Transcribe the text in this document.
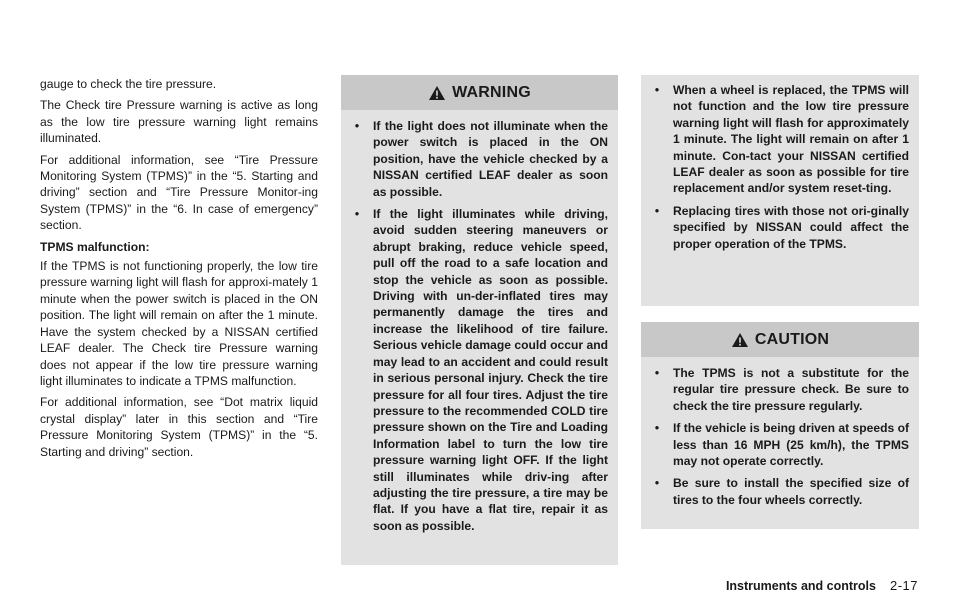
gauge to check the tire pressure.

The Check tire Pressure warning is active as long as the low tire pressure warning light remains illuminated.

For additional information, see “Tire Pressure Monitoring System (TPMS)” in the “5. Starting and driving” section and “Tire Pressure Monitor-ing System (TPMS)” in the “6. In case of emergency” section.

TPMS malfunction:

If the TPMS is not functioning properly, the low tire pressure warning light will flash for approxi-mately 1 minute when the power switch is placed in the ON position. The light will remain on after the 1 minute. Have the system checked by a NISSAN certified LEAF dealer. The Check tire Pressure warning does not appear if the low tire pressure warning light illuminates to indicate a TPMS malfunction.

For additional information, see “Dot matrix liquid crystal display” later in this section and “Tire Pressure Monitoring System (TPMS)” in the “5. Starting and driving” section.

WARNING
•	If the light does not illuminate when the power switch is placed in the ON position, have the vehicle checked by a NISSAN certified LEAF dealer as soon as possible.
•	If the light illuminates while driving, avoid sudden steering maneuvers or abrupt braking, reduce vehicle speed, pull off the road to a safe location and stop the vehicle as soon as possible. Driving with un-der-inflated tires may permanently damage the tires and increase the likelihood of tire failure. Serious vehicle damage could occur and may lead to an accident and could result in serious personal injury. Check the tire pressure for all four tires. Adjust the tire pressure to the recommended COLD tire pressure shown on the Tire and Loading Information label to turn the low tire pressure warning light OFF. If the light still illuminates while driv-ing after adjusting the tire pressure, a tire may be flat. If you have a flat tire, repair it as soon as possible.
•	When a wheel is replaced, the TPMS will not function and the low tire pressure warning light will flash for approximately 1 minute. The light will remain on after 1 minute. Con-tact your NISSAN certified LEAF dealer as soon as possible for tire replacement and/or system reset-ting.
•	Replacing tires with those not ori-ginally specified by NISSAN could affect the proper operation of the TPMS.
CAUTION
•	The TPMS is not a substitute for the regular tire pressure check. Be sure to check the tire pressure regularly.
•	If the vehicle is being driven at speeds of less than 16 MPH (25 km/h), the TPMS may not operate correctly.
•	Be sure to install the specified size of tires to the four wheels correctly.
Instruments and controls 2-17
